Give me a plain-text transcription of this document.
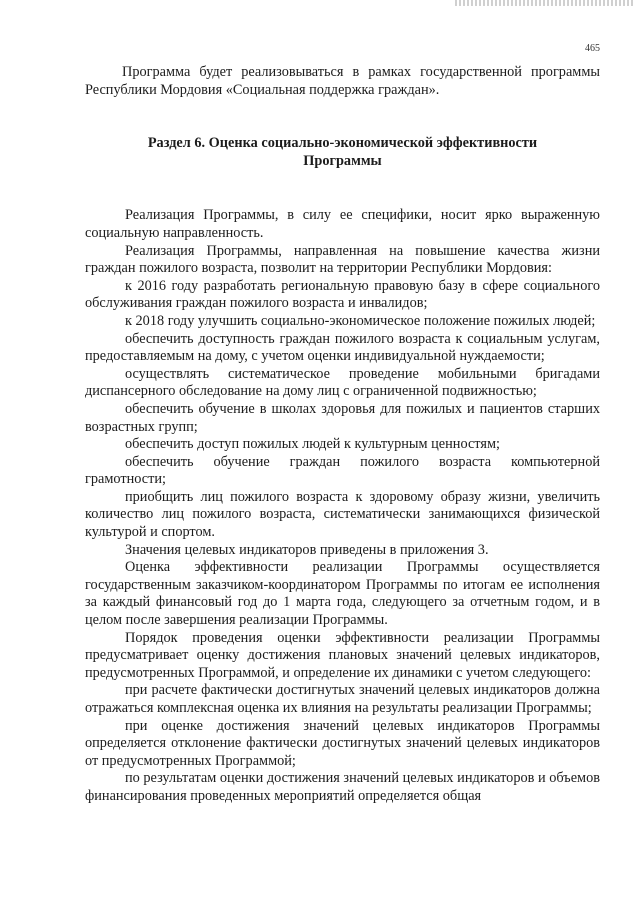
465

Программа будет реализовываться в рамках государственной программы Республики Мордовия «Социальная поддержка граждан».

Раздел 6. Оценка социально-экономической эффективности
Программы

Реализация Программы, в силу ее специфики, носит ярко выраженную социальную направленность.

Реализация Программы, направленная на повышение качества жизни граждан пожилого возраста, позволит на территории Республики Мордовия:

к 2016 году разработать региональную правовую базу в сфере социального обслуживания граждан пожилого возраста и инвалидов;

к 2018 году улучшить социально-экономическое положение пожилых людей;

обеспечить доступность граждан пожилого возраста к социальным услугам, предоставляемым на дому, с учетом оценки индивидуальной нуждаемости;

осуществлять систематическое проведение мобильными бригадами диспансерного обследование на дому лиц с ограниченной подвижностью;

обеспечить обучение в школах здоровья для пожилых и пациентов старших возрастных групп;

обеспечить доступ пожилых людей к культурным ценностям;

обеспечить обучение граждан пожилого возраста компьютерной грамотности;

приобщить лиц пожилого возраста к здоровому образу жизни, увеличить количество лиц пожилого возраста, систематически занимающихся физической культурой и спортом.

Значения целевых индикаторов приведены в приложения 3.

Оценка эффективности реализации Программы осуществляется государственным заказчиком-координатором Программы по итогам ее исполнения за каждый финансовый год до 1 марта года, следующего за отчетным годом, и в целом после завершения реализации Программы.

Порядок проведения оценки эффективности реализации Программы предусматривает оценку достижения плановых значений целевых индикаторов, предусмотренных Программой, и определение их динамики с учетом следующего:

при расчете фактически достигнутых значений целевых индикаторов должна отражаться комплексная оценка их влияния на результаты реализации Программы;

при оценке достижения значений целевых индикаторов Программы определяется отклонение фактически достигнутых значений целевых индикаторов от предусмотренных Программой;

по результатам оценки достижения значений целевых индикаторов и объемов финансирования проведенных мероприятий определяется общая
